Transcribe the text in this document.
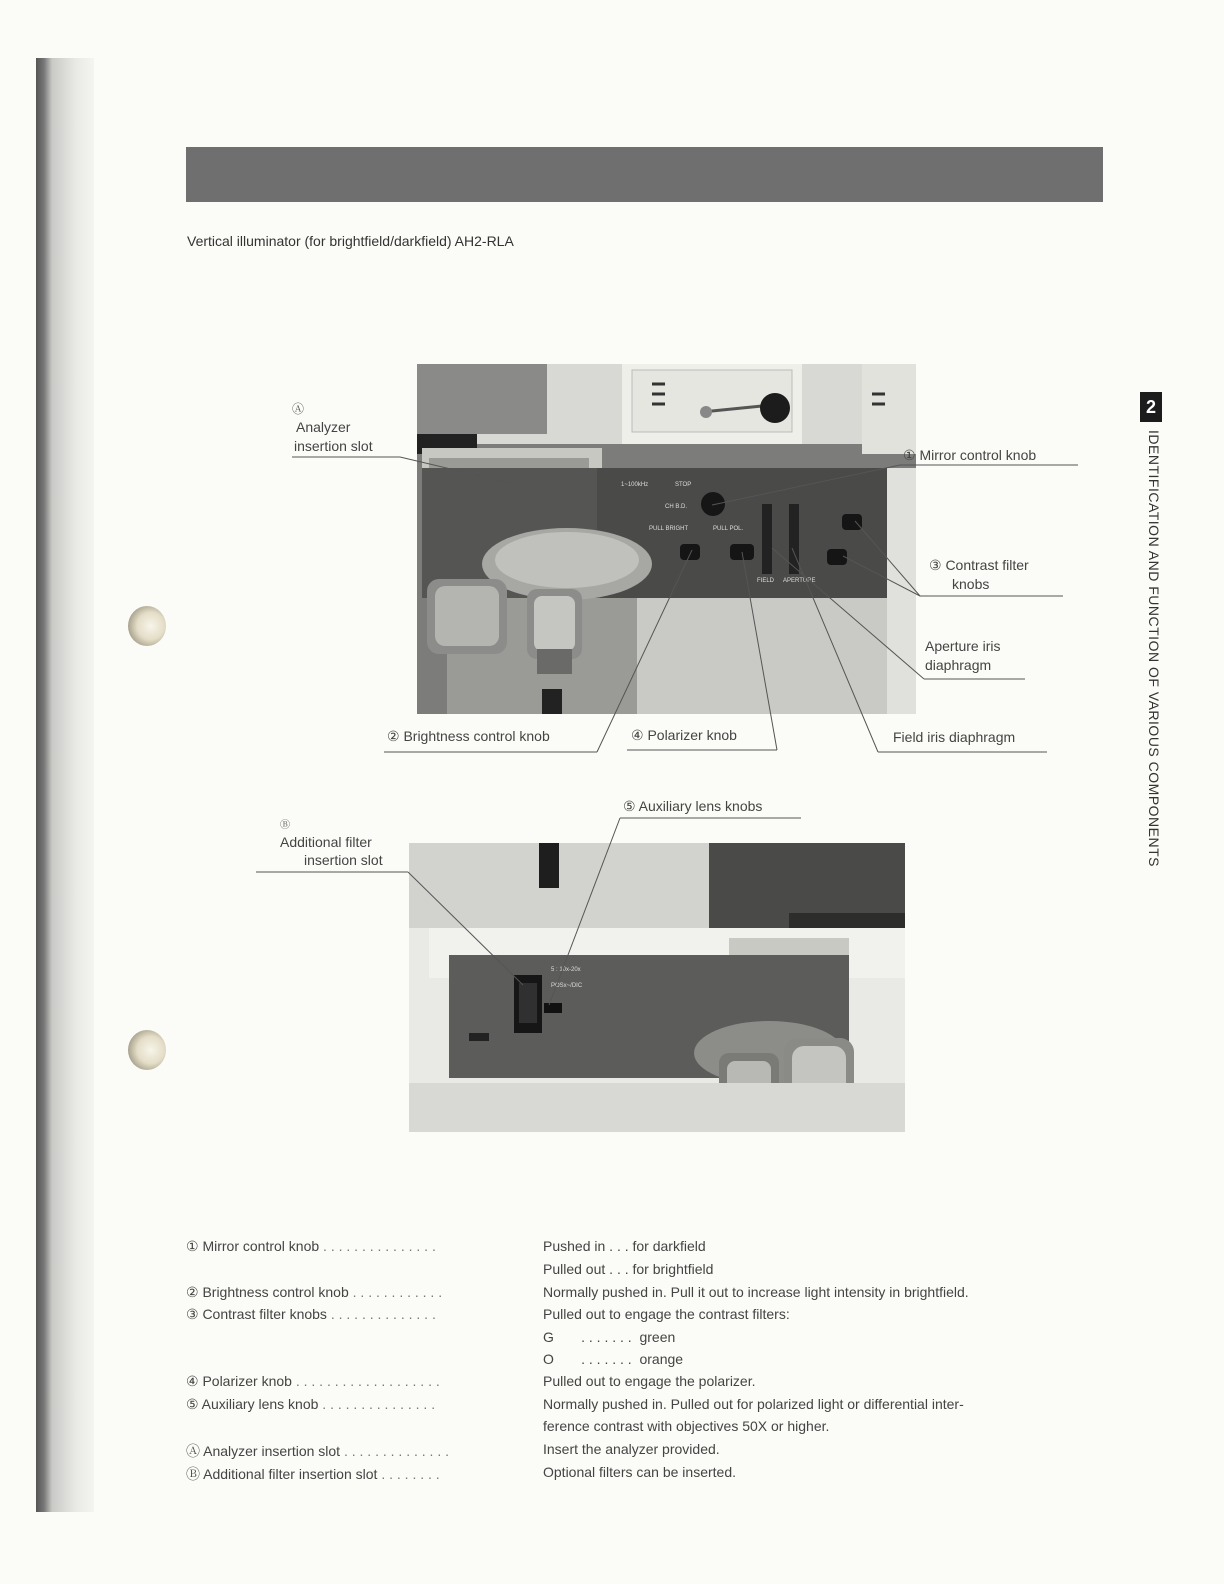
Vertical illuminator (for brightfield/darkfield) AH2-RLA
2
IDENTIFICATION AND FUNCTION OF VARIOUS COMPONENTS
1~100kHz	STOP
CH B.D.
PULL BRIGHT	PULL POL.
FIELD APERTURE
5 : 10x-20x
POSx~/DIC
Ⓐ
Analyzer
insertion slot
① Mirror control knob
③ Contrast filter
knobs
Aperture iris
diaphragm
② Brightness control knob	④ Polarizer knob	Field iris diaphragm
⑤ Auxiliary lens knobs
Ⓑ
Additional filter
insertion slot
① Mirror control knob . . . . . . . . . . . . . . .	Pushed in . . . for darkfield
Pulled out . . . for brightfield
② Brightness control knob . . . . . . . . . . . .	Normally pushed in. Pull it out to increase light intensity in brightfield.
③ Contrast filter knobs . . . . . . . . . . . . . .	Pulled out to engage the contrast filters:
G       . . . . . . .  green
O       . . . . . . .  orange
④ Polarizer knob . . . . . . . . . . . . . . . . . . .	Pulled out to engage the polarizer.
⑤ Auxiliary lens knob . . . . . . . . . . . . . . .	Normally pushed in. Pulled out for polarized light or differential inter-
ference contrast with objectives 50X or higher.
Ⓐ Analyzer insertion slot . . . . . . . . . . . . . .	Insert the analyzer provided.
Ⓑ Additional filter insertion slot . . . . . . . .	Optional filters can be inserted.
